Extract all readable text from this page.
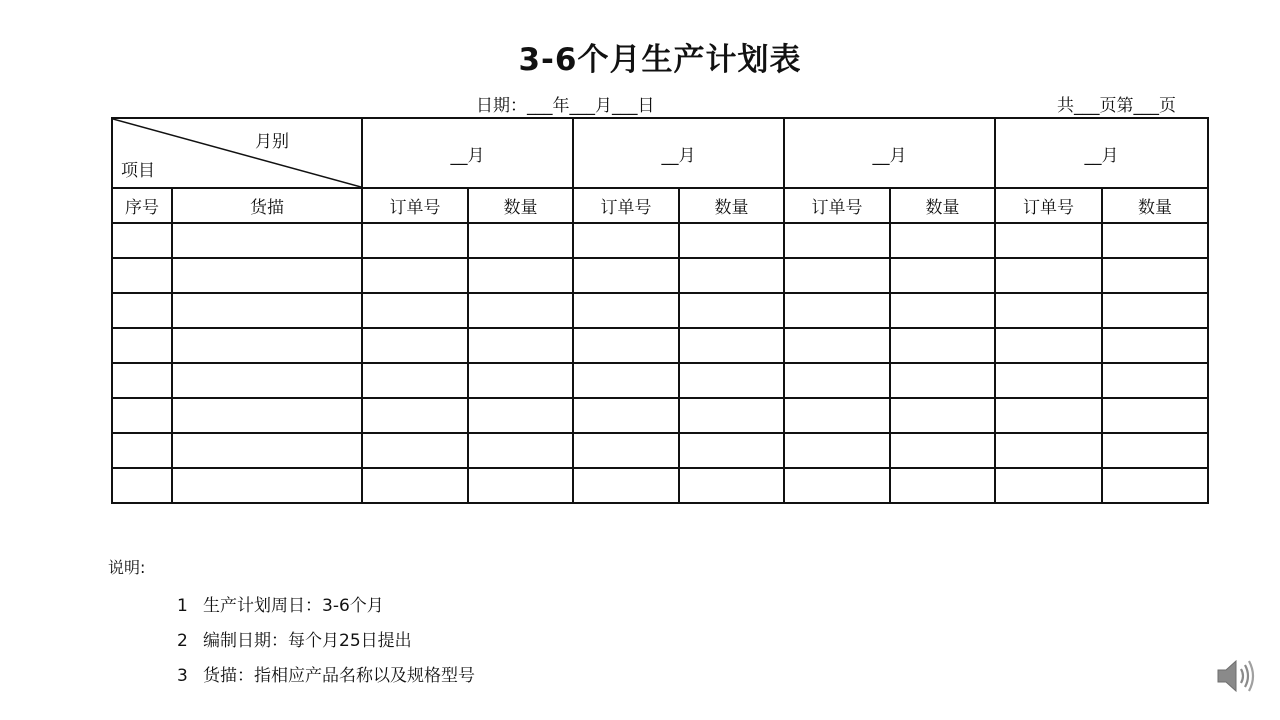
3-6个月生产计划表
日期：___年___月___日	共___页第___页
月别
项目		__月		__月		__月		__月	
序号	货描	订单号	数量	订单号	数量	订单号	数量	订单号	数量

说明:
1 生产计划周日：3-6个月
2 编制日期：每个月25日提出
3 货描：指相应产品名称以及规格型号
